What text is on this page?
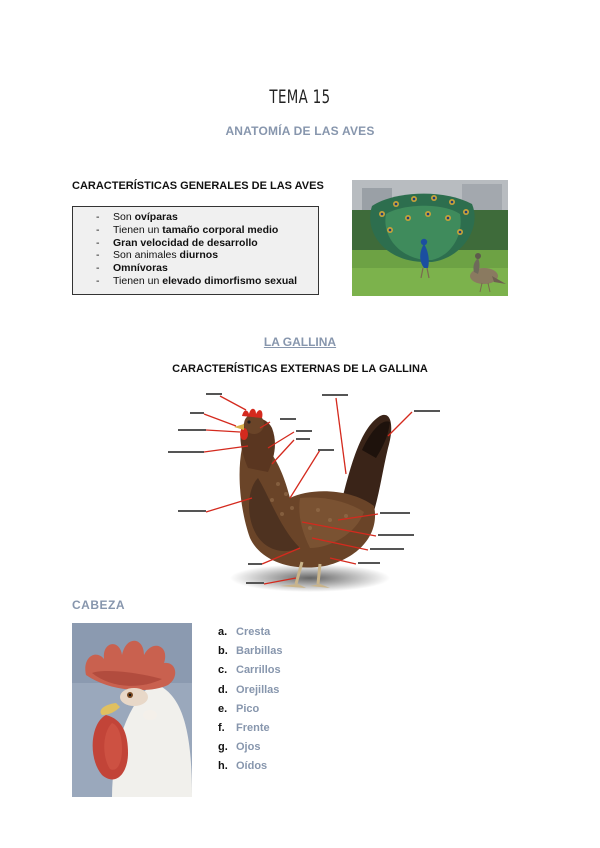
TEMA 15
ANATOMÍA DE LAS AVES
CARACTERÍSTICAS GENERALES DE LAS AVES
- Son ovíparas
- Tienen un tamaño corporal medio
- Gran velocidad de desarrollo
- Son animales diurnos
- Omnívoras
- Tienen un elevado dimorfismo sexual
LA GALLINA
CARACTERÍSTICAS EXTERNAS DE LA GALLINA
CABEZA
a. Cresta
b. Barbillas
c. Carrillos
d. Orejillas
e. Pico
f. Frente
g. Ojos
h. Oídos
